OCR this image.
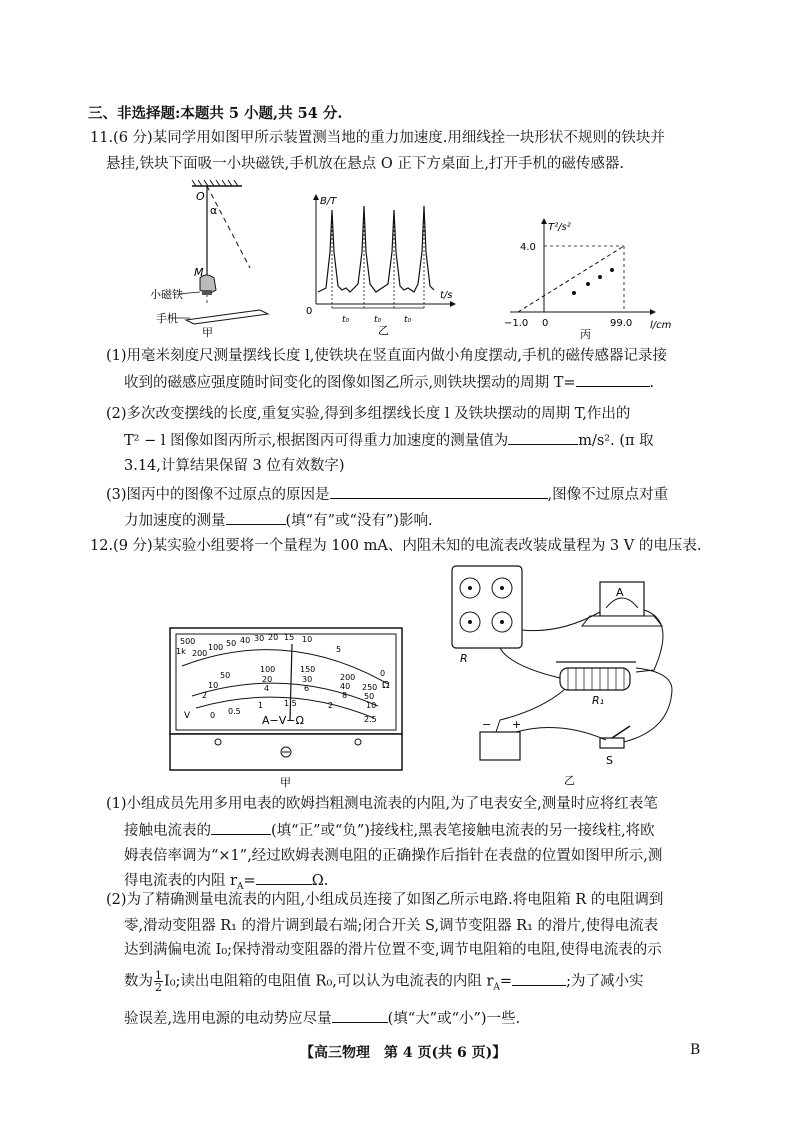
三、非选择题:本题共 5 小题,共 54 分.
11.(6 分)某同学用如图甲所示装置测当地的重力加速度.用细线拴一块形状不规则的铁块并
悬挂,铁块下面吸一小块磁铁,手机放在悬点 O 正下方桌面上,打开手机的磁传感器.
O
α
M
小磁铁
手机
甲
B/T
t/s
0
t₀	t₀	t₀
乙
T²/s²
4.0
l/cm
−1.0 0	99.0
丙
(1)用毫米刻度尺测量摆线长度 l,使铁块在竖直面内做小角度摆动,手机的磁传感器记录接
收到的磁感应强度随时间变化的图像如图乙所示,则铁块摆动的周期 T=	.
(2)多次改变摆线的长度,重复实验,得到多组摆线长度 l 及铁块摆动的周期 T,作出的
T² − l 图像如图丙所示,根据图丙可得重力加速度的测量值为	m/s². (π 取
3.14,计算结果保留 3 位有效数字)
(3)图丙中的图像不过原点的原因是	,图像不过原点对重
力加速度的测量	(填“有”或“没有”)影响.
12.(9 分)某实验小组要将一个量程为 100 mA、内阻未知的电流表改装成量程为 3 V 的电压表.
500
1k 200
100 50 40 30 20 15 10
5
0
50
10
2
100
20
4
150
30
6
200
40
8
250
50
10
0 0.5
1	1.5	2
2.5
Ω
V	A−V−Ω
甲
R
A
R₁
S
+
−
乙
(1)小组成员先用多用电表的欧姆挡粗测电流表的内阻,为了电表安全,测量时应将红表笔
接触电流表的	(填“正”或“负”)接线柱,黑表笔接触电流表的另一接线柱,将欧
姆表倍率调为“×1”,经过欧姆表测电阻的正确操作后指针在表盘的位置如图甲所示,测
得电流表的内阻 $r_A=$	Ω.
(2)为了精确测量电流表的内阻,小组成员连接了如图乙所示电路.将电阻箱 R 的电阻调到
零,滑动变阻器 R₁ 的滑片调到最右端;闭合开关 S,调节变阻器 R₁ 的滑片,使得电流表
达到满偏电流 I₀;保持滑动变阻器的滑片位置不变,调节电阻箱的电阻,使得电流表的示
数为 $\frac{1}{2} I_0$;读出电阻箱的电阻值 R₀,可以认为电流表的内阻 $r_A=$	;为了减小实
验误差,选用电源的电动势应尽量	(填“大”或“小”)一些.
【高三物理　第 4 页(共 6 页)】	B
